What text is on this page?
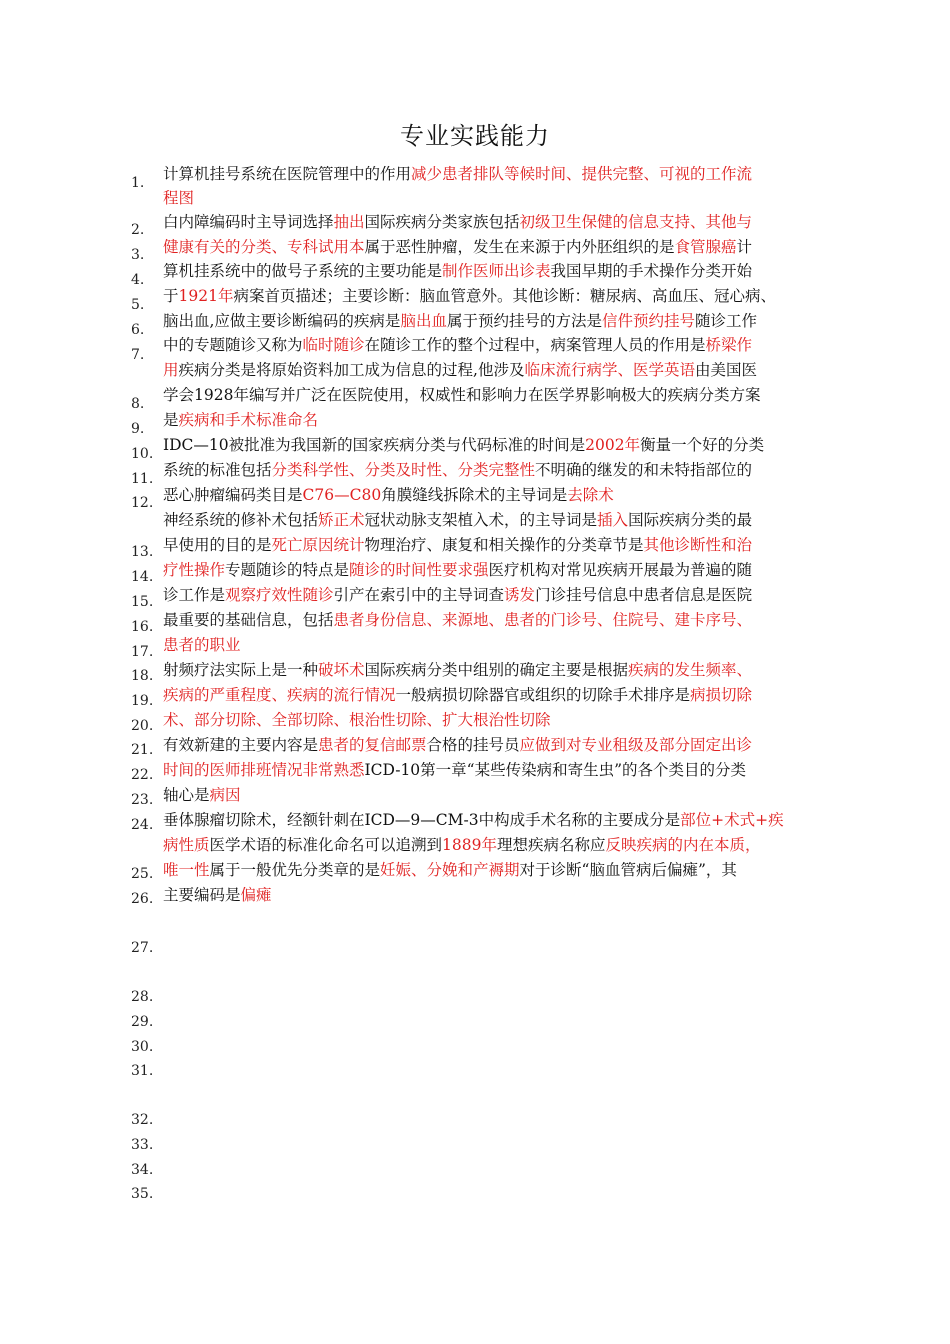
专业实践能力
1.
2.
3.
4.
5.
6.
7.
8.
9.
10.
11.
12.
13.
14.
15.
16.
17.
18.
19.
20.
21.
22.
23.
24.
25.
26.
27.
28.
29.
30.
31.
32.
33.
34.
35.
计算机挂号系统在医院管理中的作用减少患者排队等候时间、提供完整、可视的工作流
程图
白内障编码时主导词选择抽出国际疾病分类家族包括初级卫生保健的信息支持、其他与
健康有关的分类、专科试用本属于恶性肿瘤，发生在来源于内外胚组织的是食管腺癌计
算机挂系统中的做号子系统的主要功能是制作医师出诊表我国早期的手术操作分类开始
于1921年病案首页描述；主要诊断：脑血管意外。其他诊断：糖尿病、高血压、冠心病、
脑出血,应做主要诊断编码的疾病是脑出血属于预约挂号的方法是信件预约挂号随诊工作
中的专题随诊又称为临时随诊在随诊工作的整个过程中，病案管理人员的作用是桥梁作
用疾病分类是将原始资料加工成为信息的过程,他涉及临床流行病学、医学英语由美国医
学会1928年编写并广泛在医院使用，权威性和影响力在医学界影响极大的疾病分类方案
是疾病和手术标准命名
IDC—10被批准为我国新的国家疾病分类与代码标准的时间是2002年衡量一个好的分类
系统的标准包括分类科学性、分类及时性、分类完整性不明确的继发的和未特指部位的
恶心肿瘤编码类目是C76—C80角膜缝线拆除术的主导词是去除术
神经系统的修补术包括矫正术冠状动脉支架植入术，的主导词是插入国际疾病分类的最
早使用的目的是死亡原因统计物理治疗、康复和相关操作的分类章节是其他诊断性和治
疗性操作专题随诊的特点是随诊的时间性要求强医疗机构对常见疾病开展最为普遍的随
诊工作是观察疗效性随诊引产在索引中的主导词查诱发门诊挂号信息中患者信息是医院
最重要的基础信息，包括患者身份信息、来源地、患者的门诊号、住院号、建卡序号、
患者的职业
射频疗法实际上是一种破坏术国际疾病分类中组别的确定主要是根据疾病的发生频率、
疾病的严重程度、疾病的流行情况一般病损切除器官或组织的切除手术排序是病损切除
术、部分切除、全部切除、根治性切除、扩大根治性切除
有效新建的主要内容是患者的复信邮票合格的挂号员应做到对专业租级及部分固定出诊
时间的医师排班情况非常熟悉ICD-10第一章“某些传染病和寄生虫”的各个类目的分类
轴心是病因
垂体腺瘤切除术，经额针刺在ICD—9—CM-3中构成手术名称的主要成分是部位+术式+疾
病性质医学术语的标准化命名可以追溯到1889年理想疾病名称应反映疾病的内在本质，
唯一性属于一般优先分类章的是妊娠、分娩和产褥期对于诊断“脑血管病后偏瘫”，其
主要编码是偏瘫
